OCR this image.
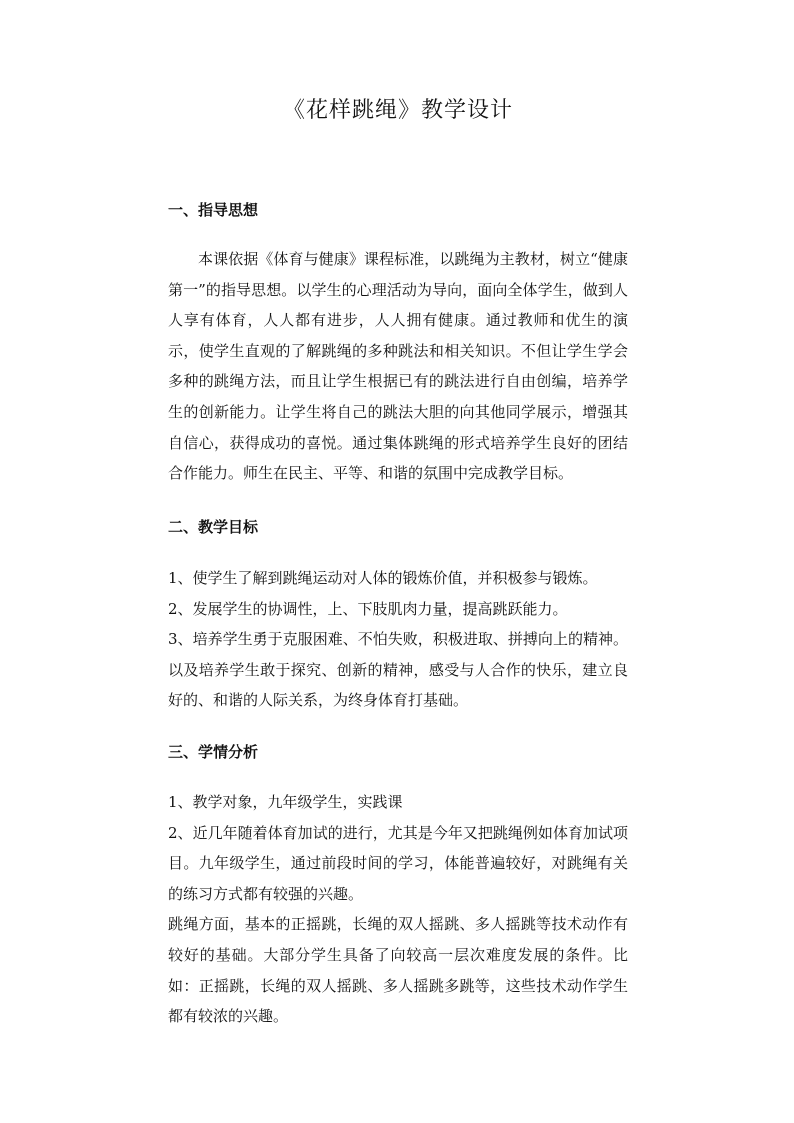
《花样跳绳》教学设计
一、指导思想

本课依据《体育与健康》课程标准，以跳绳为主教材，树立“健康第一”的指导思想。以学生的心理活动为导向，面向全体学生，做到人人享有体育，人人都有进步，人人拥有健康。通过教师和优生的演示，使学生直观的了解跳绳的多种跳法和相关知识。不但让学生学会多种的跳绳方法，而且让学生根据已有的跳法进行自由创编，培养学生的创新能力。让学生将自己的跳法大胆的向其他同学展示，增强其自信心，获得成功的喜悦。通过集体跳绳的形式培养学生良好的团结合作能力。师生在民主、平等、和谐的氛围中完成教学目标。

二、教学目标

1、使学生了解到跳绳运动对人体的锻炼价值，并积极参与锻炼。

2、发展学生的协调性，上、下肢肌肉力量，提高跳跃能力。

3、培养学生勇于克服困难、不怕失败，积极进取、拼搏向上的精神。以及培养学生敢于探究、创新的精神，感受与人合作的快乐，建立良好的、和谐的人际关系，为终身体育打基础。

三、学情分析

1、教学对象，九年级学生，实践课

2、近几年随着体育加试的进行，尤其是今年又把跳绳例如体育加试项目。九年级学生，通过前段时间的学习，体能普遍较好，对跳绳有关的练习方式都有较强的兴趣。

跳绳方面，基本的正摇跳，长绳的双人摇跳、多人摇跳等技术动作有较好的基础。大部分学生具备了向较高一层次难度发展的条件。比如：正摇跳，长绳的双人摇跳、多人摇跳多跳等，这些技术动作学生都有较浓的兴趣。
